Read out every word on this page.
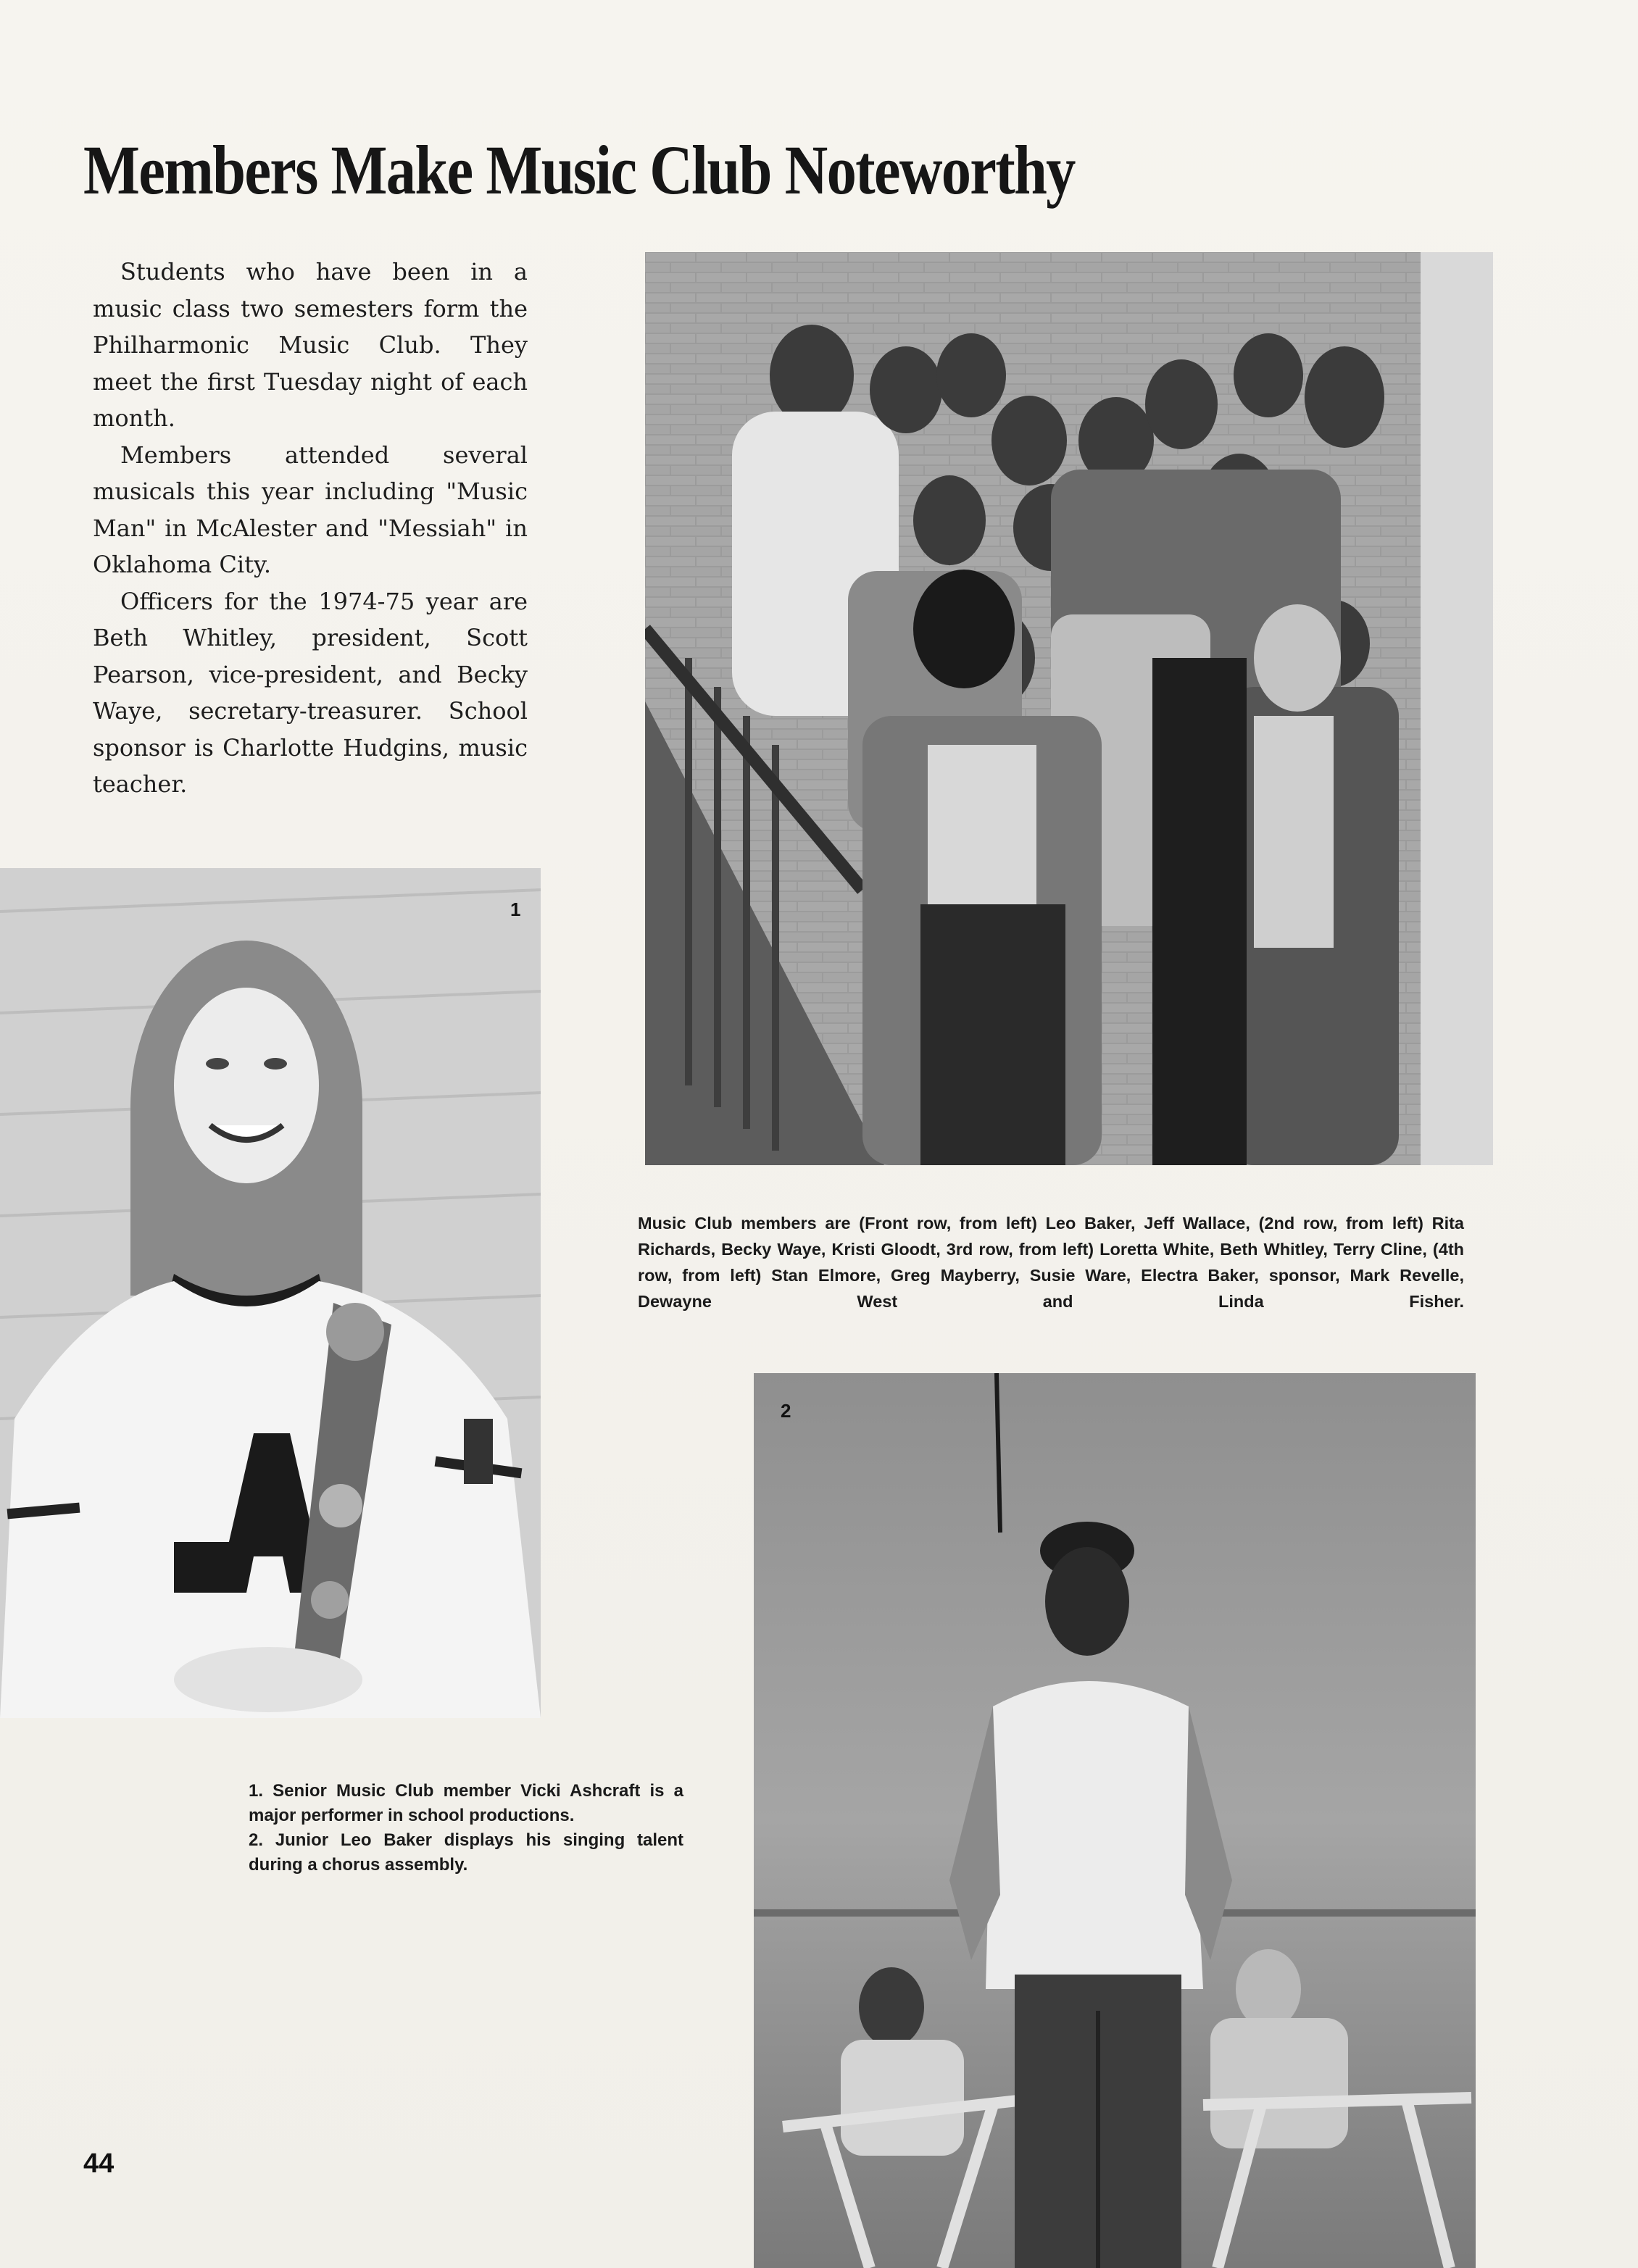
Members Make Music Club Noteworthy

Students who have been in a music class two semesters form the Philharmonic Music Club. They meet the first Tuesday night of each month.

Members attended several musicals this year including "Music Man" in McAlester and "Messiah" in Oklahoma City.

Officers for the 1974-75 year are Beth Whitley, president, Scott Pearson, vice-president, and Becky Waye, secretary-treasurer. School sponsor is Charlotte Hudgins, music teacher.

Music Club members are (Front row, from left) Leo Baker, Jeff Wallace, (2nd row, from left) Rita Richards, Becky Waye, Kristi Gloodt, 3rd row, from left) Loretta White, Beth Whitley, Terry Cline, (4th row, from left) Stan Elmore, Greg Mayberry, Susie Ware, Electra Baker, sponsor, Mark Revelle, Dewayne West and Linda Fisher.
1
1. Senior Music Club member Vicki Ashcraft is a major performer in school productions.
2. Junior Leo Baker displays his singing talent during a chorus assembly.
2
44
